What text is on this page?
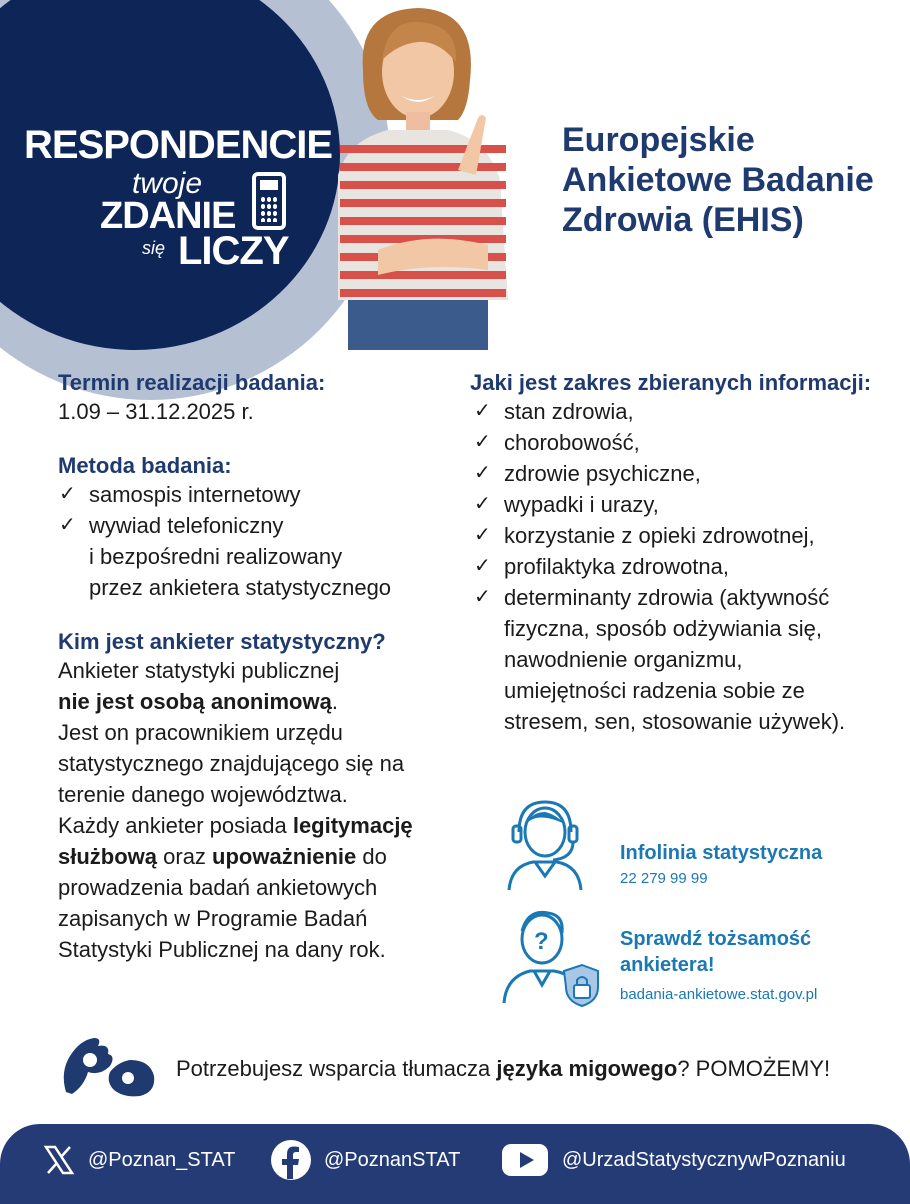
RESPONDENCIE
twoje
ZDANIE
się LICZY
Europejskie
Ankietowe Badanie
Zdrowia (EHIS)
Termin realizacji badania:
1.09 – 31.12.2025 r.
Metoda badania:
✓ samospis internetowy
✓ wywiad telefoniczny
i bezpośredni realizowany
przez ankietera statystycznego
Kim jest ankieter statystyczny?
Ankieter statystyki publicznej
nie jest osobą anonimową.
Jest on pracownikiem urzędu
statystycznego znajdującego się na
terenie danego województwa.
Każdy ankieter posiada legitymację
służbową oraz upoważnienie do
prowadzenia badań ankietowych
zapisanych w Programie Badań
Statystyki Publicznej na dany rok.
Jaki jest zakres zbieranych informacji:
✓ stan zdrowia,
✓ chorobowość,
✓ zdrowie psychiczne,
✓ wypadki i urazy,
✓ korzystanie z opieki zdrowotnej,
✓ profilaktyka zdrowotna,
✓ determinanty zdrowia (aktywność
fizyczna, sposób odżywiania się,
nawodnienie organizmu,
umiejętności radzenia sobie ze
stresem, sen, stosowanie używek).
Infolinia statystyczna
22 279 99 99
?	Sprawdź tożsamość
ankietera!
badania-ankietowe.stat.gov.pl
Potrzebujesz wsparcia tłumacza języka migowego? POMOŻEMY!
@Poznan_STAT	@PoznanSTAT	@UrzadStatystycznywPoznaniu
